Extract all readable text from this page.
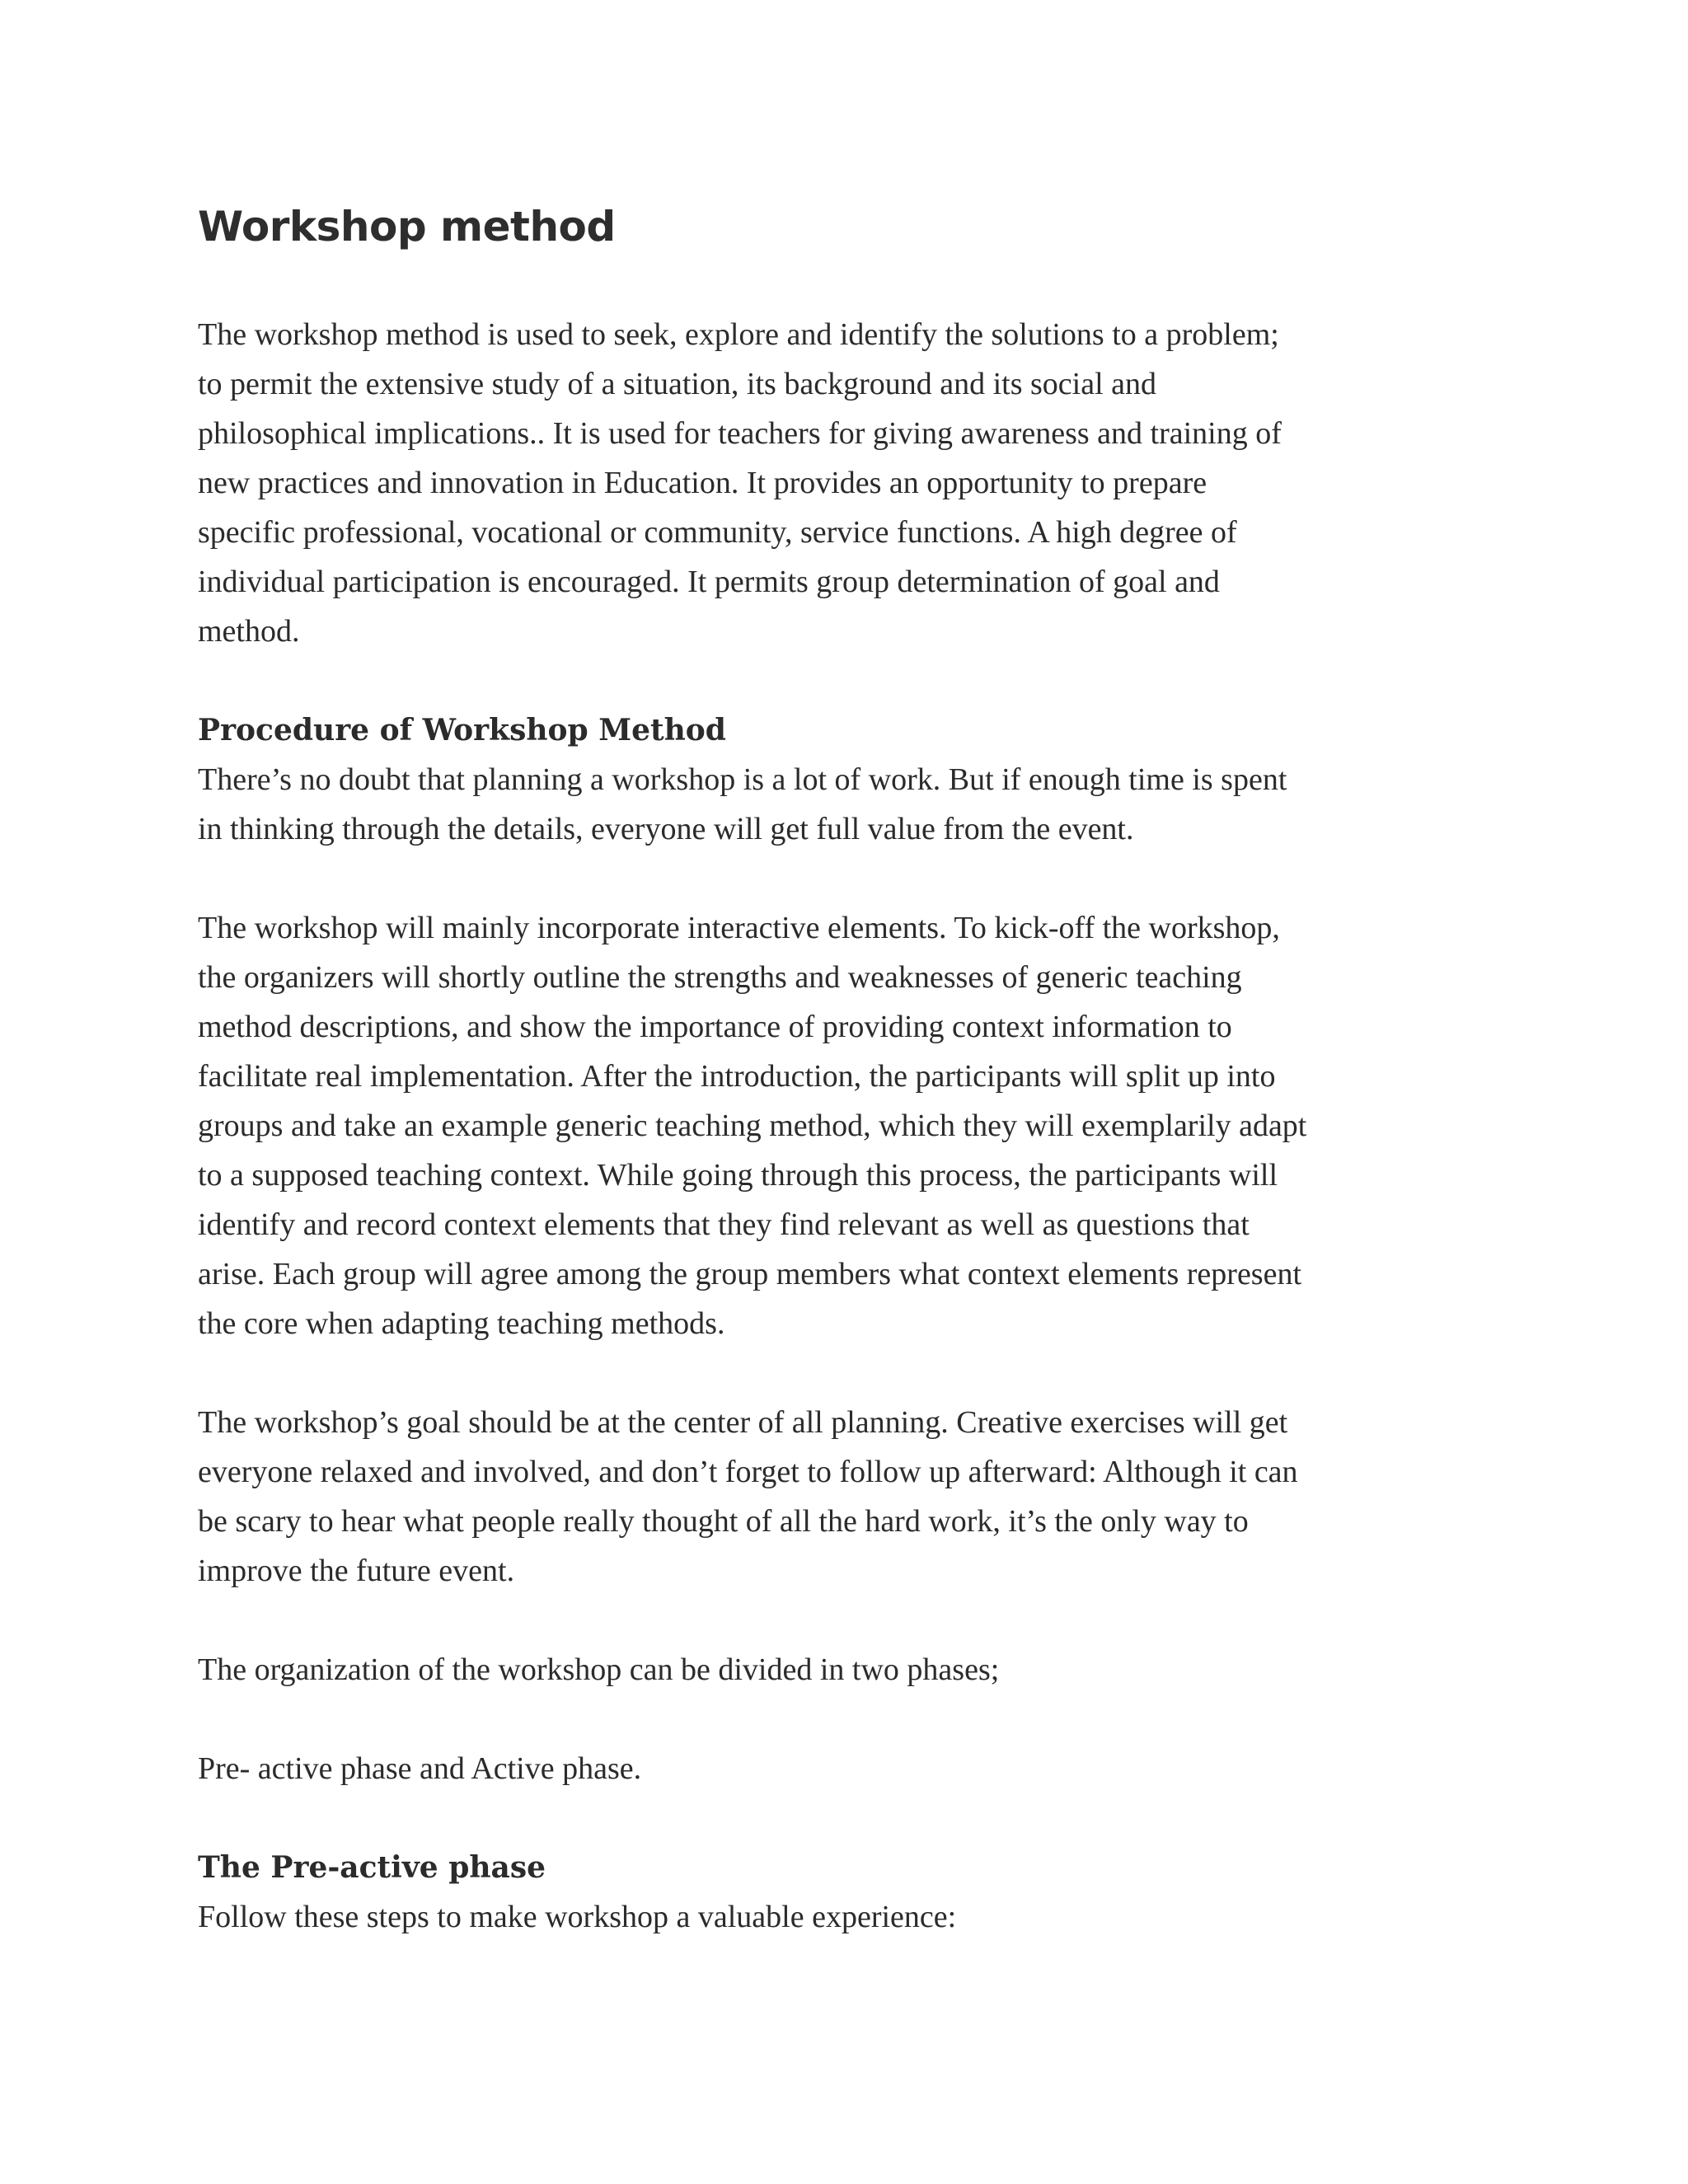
Workshop method

The workshop method is used to seek, explore and identify the solutions to a problem;
to permit the extensive study of a situation, its background and its social and
philosophical implications.. It is used for teachers for giving awareness and training of
new practices and innovation in Education. It provides an opportunity to prepare
specific professional, vocational or community, service functions. A high degree of
individual participation is encouraged. It permits group determination of goal and
method.

Procedure of Workshop Method

There’s no doubt that planning a workshop is a lot of work. But if enough time is spent
in thinking through the details, everyone will get full value from the event.

The workshop will mainly incorporate interactive elements. To kick-off the workshop,
the organizers will shortly outline the strengths and weaknesses of generic teaching
method descriptions, and show the importance of providing context information to
facilitate real implementation. After the introduction, the participants will split up into
groups and take an example generic teaching method, which they will exemplarily adapt
to a supposed teaching context. While going through this process, the participants will
identify and record context elements that they find relevant as well as questions that
arise. Each group will agree among the group members what context elements represent
the core when adapting teaching methods.

The workshop’s goal should be at the center of all planning. Creative exercises will get
everyone relaxed and involved, and don’t forget to follow up afterward: Although it can
be scary to hear what people really thought of all the hard work, it’s the only way to
improve the future event.

The organization of the workshop can be divided in two phases;

Pre- active phase and Active phase.

The Pre-active phase

Follow these steps to make workshop a valuable experience:
